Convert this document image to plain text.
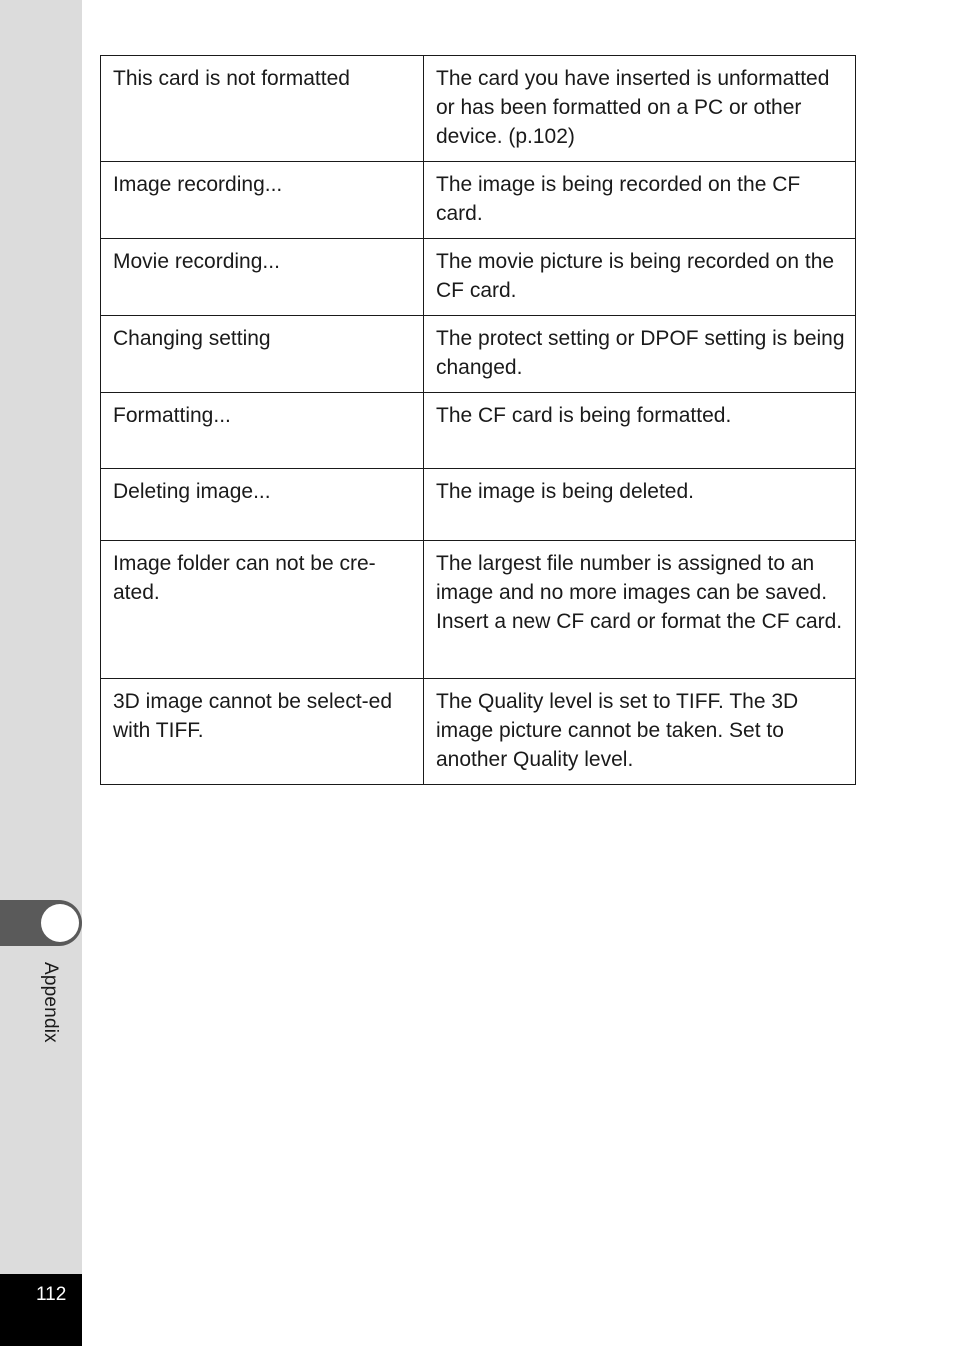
Appendix
112
This card is not formatted	The card you have inserted is unformatted or has been formatted on a PC or other device. (p.102)
Image recording...	The image is being recorded on the CF card.
Movie recording...	The movie picture is being recorded on the CF card.
Changing setting	The protect setting or DPOF setting is being changed.
Formatting...	The CF card is being formatted.
Deleting image...	The image is being deleted.
Image folder can not be cre-ated.	The largest file number is assigned to an image and no more images can be saved. Insert a new CF card or format the CF card.
3D image cannot be select-ed with TIFF.	The Quality level is set to TIFF. The 3D image picture cannot be taken. Set to another Quality level.
